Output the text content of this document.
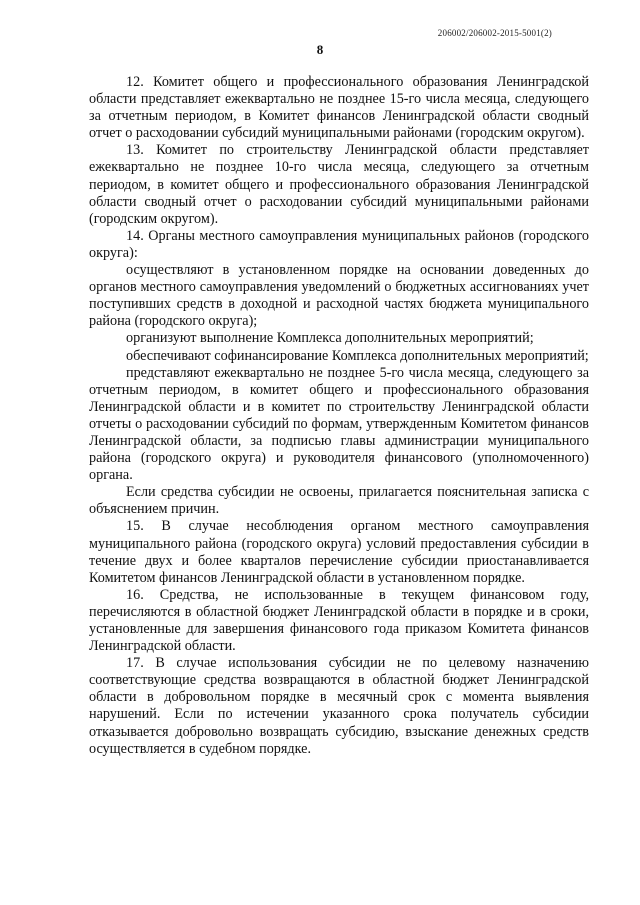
206002/206002-2015-5001(2)
8

12. Комитет общего и профессионального образования Ленинградской области представляет ежеквартально не позднее 15-го числа месяца, следующего за отчетным периодом, в Комитет финансов Ленинградской области сводный отчет о расходовании субсидий муниципальными районами (городским округом).

13. Комитет по строительству Ленинградской области представляет ежеквартально не позднее 10-го числа месяца, следующего за отчетным периодом, в комитет общего и профессионального образования Ленинградской области сводный отчет о расходовании субсидий муниципальными районами (городским округом).

14. Органы местного самоуправления муниципальных районов (городского округа):

осуществляют в установленном порядке на основании доведенных до органов местного самоуправления уведомлений о бюджетных ассигнованиях учет поступивших средств в доходной и расходной частях бюджета муниципального района (городского округа);

организуют выполнение Комплекса дополнительных мероприятий;

обеспечивают софинансирование Комплекса дополнительных мероприятий;

представляют ежеквартально не позднее 5-го числа месяца, следующего за отчетным периодом, в комитет общего и профессионального образования Ленинградской области и в комитет по строительству Ленинградской области отчеты о расходовании субсидий по формам, утвержденным Комитетом финансов Ленинградской области, за подписью главы администрации муниципального района (городского округа) и руководителя финансового (уполномоченного) органа.

Если средства субсидии не освоены, прилагается пояснительная записка с объяснением причин.

15. В случае несоблюдения органом местного самоуправления муниципального района (городского округа) условий предоставления субсидии в течение двух и более кварталов перечисление субсидии приостанавливается Комитетом финансов Ленинградской области в установленном порядке.

16. Средства, не использованные в текущем финансовом году, перечисляются в областной бюджет Ленинградской области в порядке и в сроки, установленные для завершения финансового года приказом Комитета финансов Ленинградской области.

17. В случае использования субсидии не по целевому назначению соответствующие средства возвращаются в областной бюджет Ленинградской области в добровольном порядке в месячный срок с момента выявления нарушений. Если по истечении указанного срока получатель субсидии отказывается добровольно возвращать субсидию, взыскание денежных средств осуществляется в судебном порядке.
